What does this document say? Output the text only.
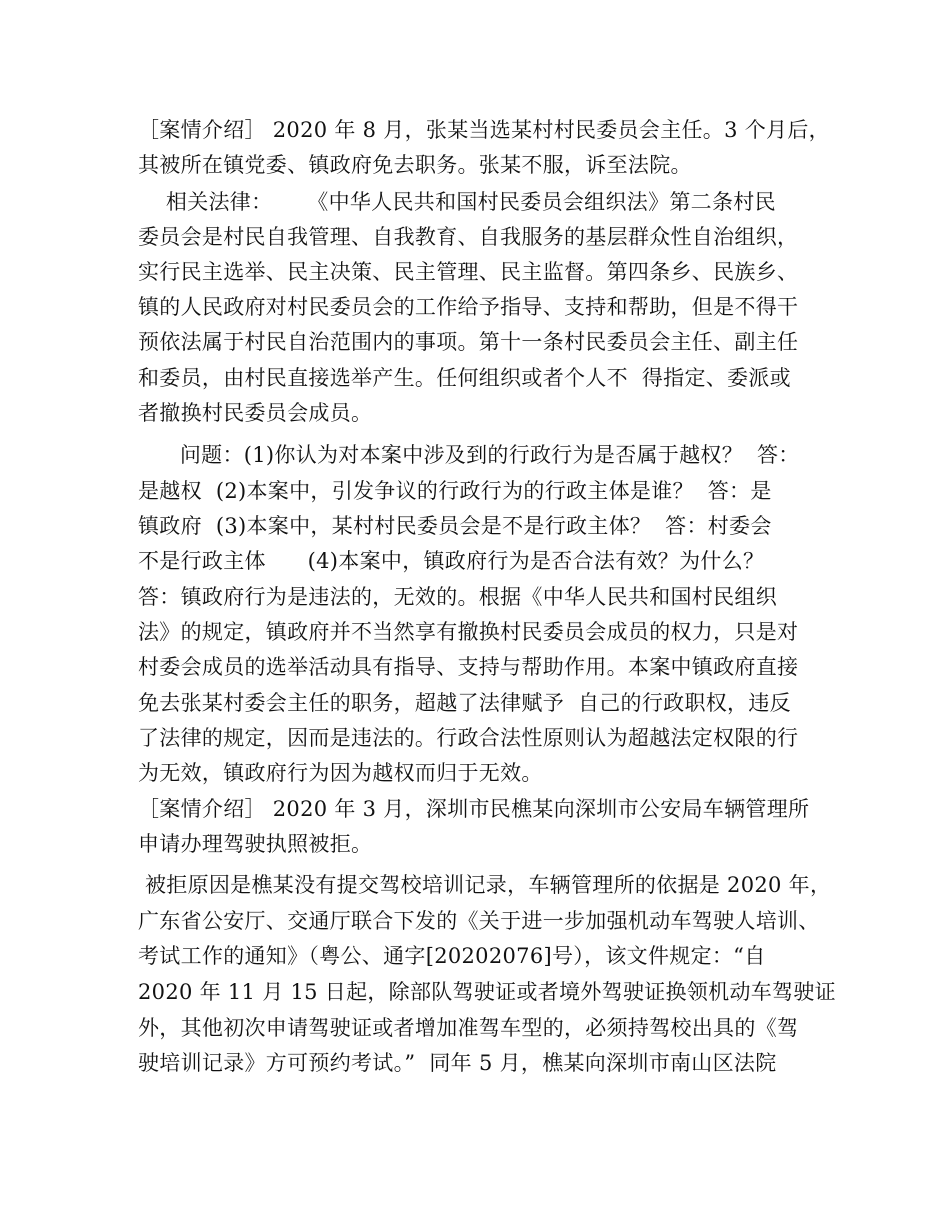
［案情介绍］ 2020 年 8 月，张某当选某村村民委员会主任。3 个月后，

其被所在镇党委、镇政府免去职务。张某不服，诉至法院。

相关法律：     《中华人民共和国村民委员会组织法》第二条村民

委员会是村民自我管理、自我教育、自我服务的基层群众性自治组织，

实行民主选举、民主决策、民主管理、民主监督。第四条乡、民族乡、

镇的人民政府对村民委员会的工作给予指导、支持和帮助，但是不得干

预依法属于村民自治范围内的事项。第十一条村民委员会主任、副主任

和委员，由村民直接选举产生。任何组织或者个人不  得指定、委派或

者撤换村民委员会成员。

问题：(1)你认为对本案中涉及到的行政行为是否属于越权？  答：

是越权  (2)本案中，引发争议的行政行为的行政主体是谁？  答：是

镇政府  (3)本案中，某村村民委员会是不是行政主体？  答：村委会

不是行政主体      (4)本案中，镇政府行为是否合法有效？为什么？

答：镇政府行为是违法的，无效的。根据《中华人民共和国村民组织

法》的规定，镇政府并不当然享有撤换村民委员会成员的权力，只是对

村委会成员的选举活动具有指导、支持与帮助作用。本案中镇政府直接

免去张某村委会主任的职务，超越了法律赋予  自己的行政职权，违反

了法律的规定，因而是违法的。行政合法性原则认为超越法定权限的行

为无效，镇政府行为因为越权而归于无效。

［案情介绍］ 2020 年 3 月，深圳市民樵某向深圳市公安局车辆管理所

申请办理驾驶执照被拒。

被拒原因是樵某没有提交驾校培训记录，车辆管理所的依据是 2020 年，

广东省公安厅、交通厅联合下发的《关于进一步加强机动车驾驶人培训、

考试工作的通知》（粤公、通字[20202076]号），该文件规定：“自

2020 年 11 月 15 日起，除部队驾驶证或者境外驾驶证换领机动车驾驶证

外，其他初次申请驾驶证或者增加准驾车型的，必须持驾校出具的《驾

驶培训记录》方可预约考试。”  同年 5 月，樵某向深圳市南山区法院
